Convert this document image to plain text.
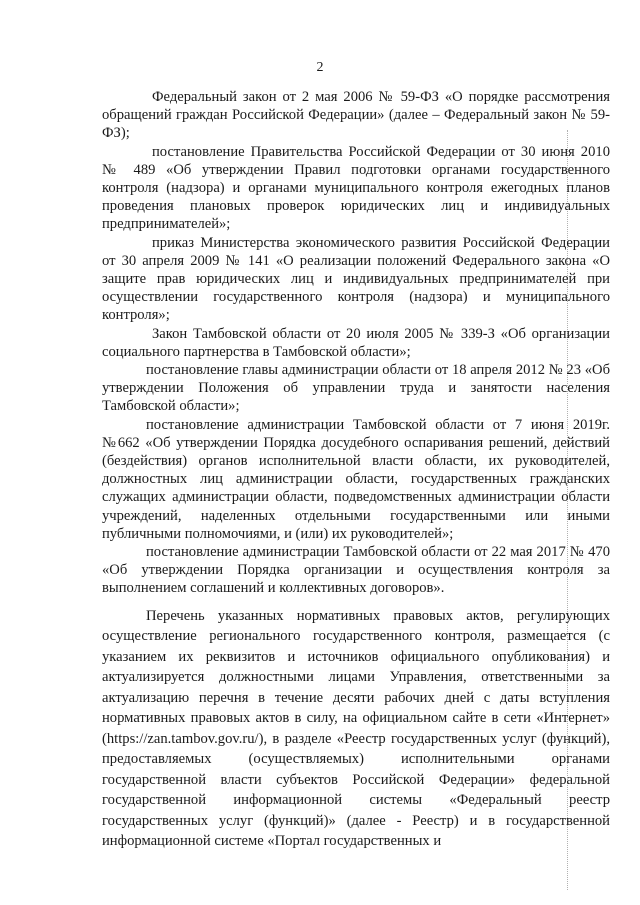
2

Федеральный закон от 2 мая 2006 № 59-ФЗ «О порядке рассмотрения обращений граждан Российской Федерации» (далее – Федеральный закон № 59-ФЗ);

постановление Правительства Российской Федерации от 30 июня 2010 № 489 «Об утверждении Правил подготовки органами государственного контроля (надзора) и органами муниципального контроля ежегодных планов проведения плановых проверок юридических лиц и индивидуальных предпринимателей»;

приказ Министерства экономического развития Российской Федерации от 30 апреля 2009 № 141 «О реализации положений Федерального закона «О защите прав юридических лиц и индивидуальных предпринимателей при осуществлении государственного контроля (надзора) и муниципального контроля»;

Закон Тамбовской области от 20 июля 2005 № 339-З «Об организации социального партнерства в Тамбовской области»;

постановление главы администрации области от 18 апреля 2012 № 23 «Об утверждении Положения об управлении труда и занятости населения Тамбовской области»;

постановление администрации Тамбовской области от 7 июня 2019г. №662 «Об утверждении Порядка досудебного оспаривания решений, действий (бездействия) органов исполнительной власти области, их руководителей, должностных лиц администрации области, государственных гражданских служащих администрации области, подведомственных администрации области учреждений, наделенных отдельными государственными или иными публичными полномочиями, и (или) их руководителей»;

постановление администрации Тамбовской области от 22 мая 2017 № 470 «Об утверждении Порядка организации и осуществления контроля за выполнением соглашений и коллективных договоров».

Перечень указанных нормативных правовых актов, регулирующих осуществление регионального государственного контроля, размещается (с указанием их реквизитов и источников официального опубликования) и актуализируется должностными лицами Управления, ответственными за актуализацию перечня в течение десяти рабочих дней с даты вступления нормативных правовых актов в силу, на официальном сайте в сети «Интернет» (https://zan.tambov.gov.ru/), в разделе «Реестр государственных услуг (функций), предоставляемых (осуществляемых) исполнительными органами государственной власти субъектов Российской Федерации» федеральной государственной информационной системы «Федеральный реестр государственных услуг (функций)» (далее - Реестр) и в государственной информационной системе «Портал государственных и
